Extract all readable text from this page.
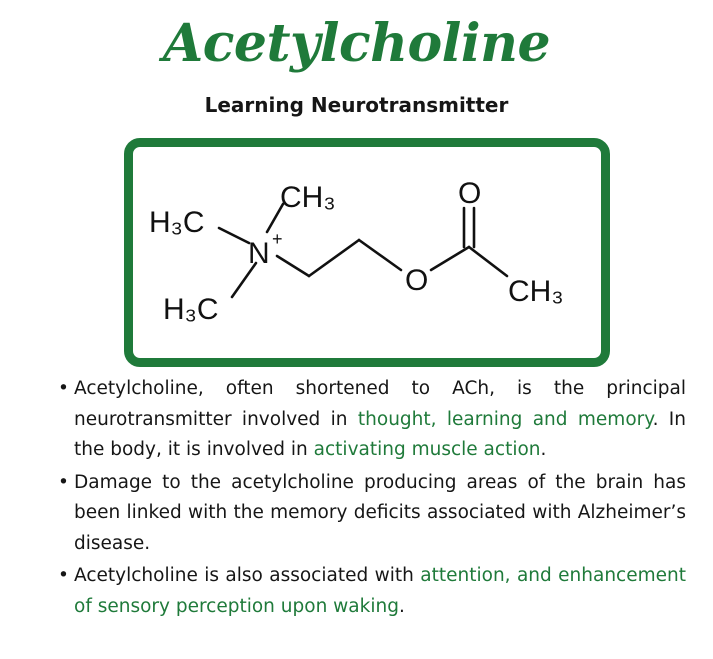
Acetylcholine
Learning Neurotransmitter
H₃C
CH₃
N +
H₃C
O
O
CH₃
• Acetylcholine, often shortened to ACh, is the principal neurotransmitter involved in thought, learning and memory. In the body, it is involved in activating muscle action.
• Damage to the acetylcholine producing areas of the brain has been linked with the memory deficits associated with Alzheimer’s disease.
• Acetylcholine is also associated with attention, and enhancement of sensory perception upon waking.
